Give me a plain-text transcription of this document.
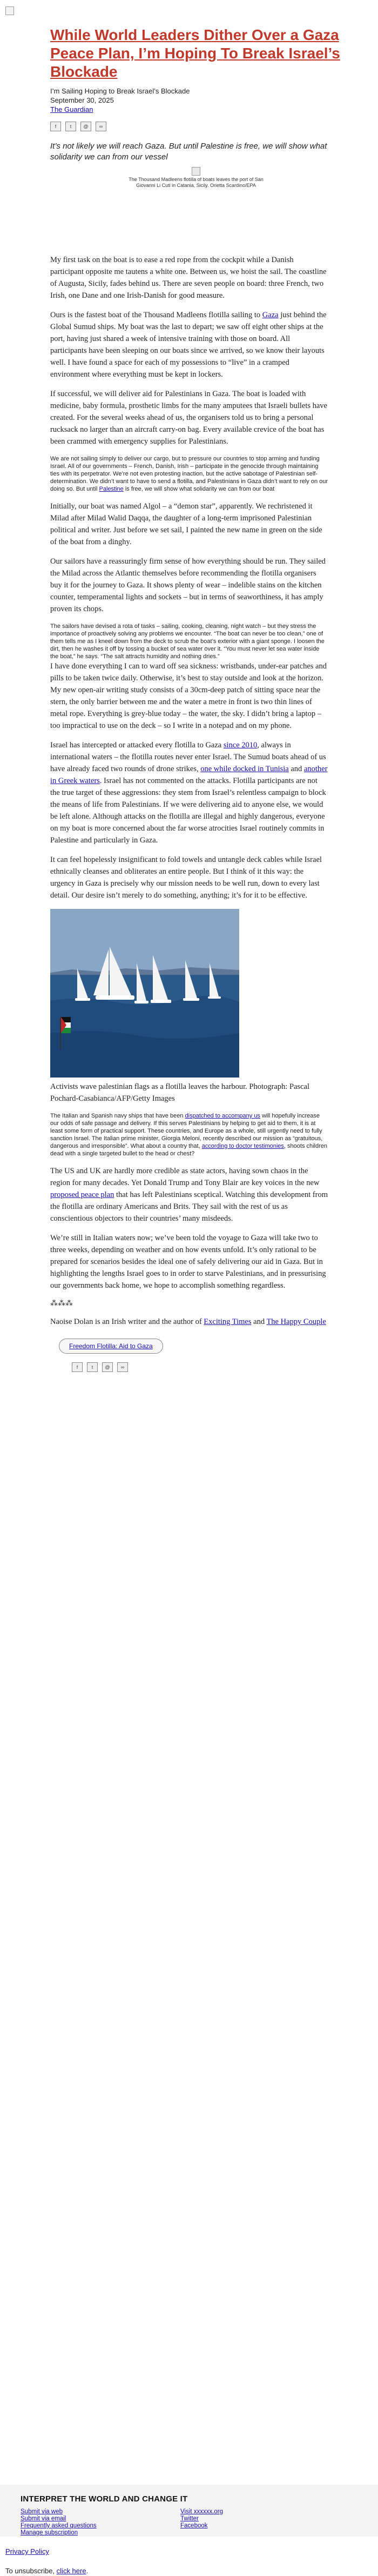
While World Leaders Dither Over a Gaza Peace Plan, I’m Hoping To Break Israel’s Blockade
I’m Sailing Hoping to Break Israel’s Blockade
September 30, 2025
The Guardian
f	t	@	∞
It’s not likely we will reach Gaza. But until Palestine is free, we will show what solidarity we can from our vessel
The Thousand Madleens flotilla of boats leaves the port of San Giovanni Li Cuti in Catania, Sicily. Orietta Scardino/EPA

My first task on the boat is to ease a red rope from the cockpit while a Danish participant opposite me tautens a white one. Between us, we hoist the sail. The coastline of Augusta, Sicily, fades behind us. There are seven people on board: three French, two Irish, one Dane and one Irish-Danish for good measure.

Ours is the fastest boat of the Thousand Madleens flotilla sailing to Gaza just behind the Global Sumud ships. My boat was the last to depart; we saw off eight other ships at the port, having just shared a week of intensive training with those on board. All participants have been sleeping on our boats since we arrived, so we know their layouts well. I have found a space for each of my possessions to “live” in a cramped environment where everything must be kept in lockers.

If successful, we will deliver aid for Palestinians in Gaza. The boat is loaded with medicine, baby formula, prosthetic limbs for the many amputees that Israeli bullets have created. For the several weeks ahead of us, the organisers told us to bring a personal rucksack no larger than an aircraft carry-on bag. Every available crevice of the boat has been crammed with emergency supplies for Palestinians.

We are not sailing simply to deliver our cargo, but to pressure our countries to stop arming and funding Israel. All of our governments – French, Danish, Irish – participate in the genocide through maintaining ties with its perpetrator. We’re not even protesting inaction, but the active sabotage of Palestinian self-determination. We didn’t want to have to send a flotilla, and Palestinians in Gaza didn’t want to rely on our doing so. But until Palestine is free, we will show what solidarity we can from our boat

Initially, our boat was named Algol – a “demon star”, apparently. We rechristened it Milad after Milad Walid Daqqa, the daughter of a long-term imprisoned Palestinian political and writer. Just before we set sail, I painted the new name in green on the side of the boat from a dinghy.

Our sailors have a reassuringly firm sense of how everything should be run. They sailed the Milad across the Atlantic themselves before recommending the flotilla organisers buy it for the journey to Gaza. It shows plenty of wear – indelible stains on the kitchen counter, temperamental lights and sockets – but in terms of seaworthiness, it has amply proven its chops.

The sailors have devised a rota of tasks – sailing, cooking, cleaning, night watch – but they stress the importance of proactively solving any problems we encounter. “The boat can never be too clean,” one of them tells me as I kneel down from the deck to scrub the boat’s exterior with a giant sponge. I loosen the dirt, then he washes it off by tossing a bucket of sea water over it. “You must never let sea water inside the boat,” he says. “The salt attracts humidity and nothing dries.”

I have done everything I can to ward off sea sickness: wristbands, under-ear patches and pills to be taken twice daily. Otherwise, it’s best to stay outside and look at the horizon. My new open-air writing study consists of a 30cm-deep patch of sitting space near the stern, the only barrier between me and the water a metre in front is two thin lines of metal rope. Everything is grey-blue today – the water, the sky. I didn’t bring a laptop – too impractical to use on the deck – so I write in a notepad and on my phone.

Israel has intercepted or attacked every flotilla to Gaza since 2010, always in international waters – the flotilla routes never enter Israel. The Sumud boats ahead of us have already faced two rounds of drone strikes, one while docked in Tunisia and another in Greek waters. Israel has not commented on the attacks. Flotilla participants are not the true target of these aggressions: they stem from Israel’s relentless campaign to block the means of life from Palestinians. If we were delivering aid to anyone else, we would be left alone. Although attacks on the flotilla are illegal and highly dangerous, everyone on my boat is more concerned about the far worse atrocities Israel routinely commits in Palestine and particularly in Gaza.

It can feel hopelessly insignificant to fold towels and untangle deck cables while Israel ethnically cleanses and obliterates an entire people. But I think of it this way: the urgency in Gaza is precisely why our mission needs to be well run, down to every last detail. Our desire isn’t merely to do something, anything; it’s for it to be effective.

Activists wave palestinian flags as a flotilla leaves the harbour. Photograph: Pascal Pochard-Casabianca/AFP/Getty Images

The Italian and Spanish navy ships that have been dispatched to accompany us will hopefully increase our odds of safe passage and delivery. If this serves Palestinians by helping to get aid to them, it is at least some form of practical support. These countries, and Europe as a whole, still urgently need to fully sanction Israel. The Italian prime minister, Giorgia Meloni, recently described our mission as “gratuitous, dangerous and irresponsible”. What about a country that, according to doctor testimonies, shoots children dead with a single targeted bullet to the head or chest?

The US and UK are hardly more credible as state actors, having sown chaos in the region for many decades. Yet Donald Trump and Tony Blair are key voices in the new proposed peace plan that has left Palestinians sceptical. Watching this development from the flotilla are ordinary Americans and Brits. They sail with the rest of us as conscientious objectors to their countries’ many misdeeds.

We’re still in Italian waters now; we’ve been told the voyage to Gaza will take two to three weeks, depending on weather and on how events unfold. It’s only rational to be prepared for scenarios besides the ideal one of safely delivering our aid in Gaza. But in highlighting the lengths Israel goes to in order to starve Palestinians, and in pressurising our governments back home, we hope to accomplish something regardless.

⁂⁂⁂

Naoise Dolan is an Irish writer and the author of Exciting Times and The Happy Couple

Freedom Flotilla: Aid to Gaza
f	t	@	∞
INTERPRET THE WORLD AND CHANGE IT
Submit via web
Submit via email
Frequently asked questions
Manage subscription
Visit xxxxxx.org
Twitter
Facebook
Privacy Policy
To unsubscribe, click here.
